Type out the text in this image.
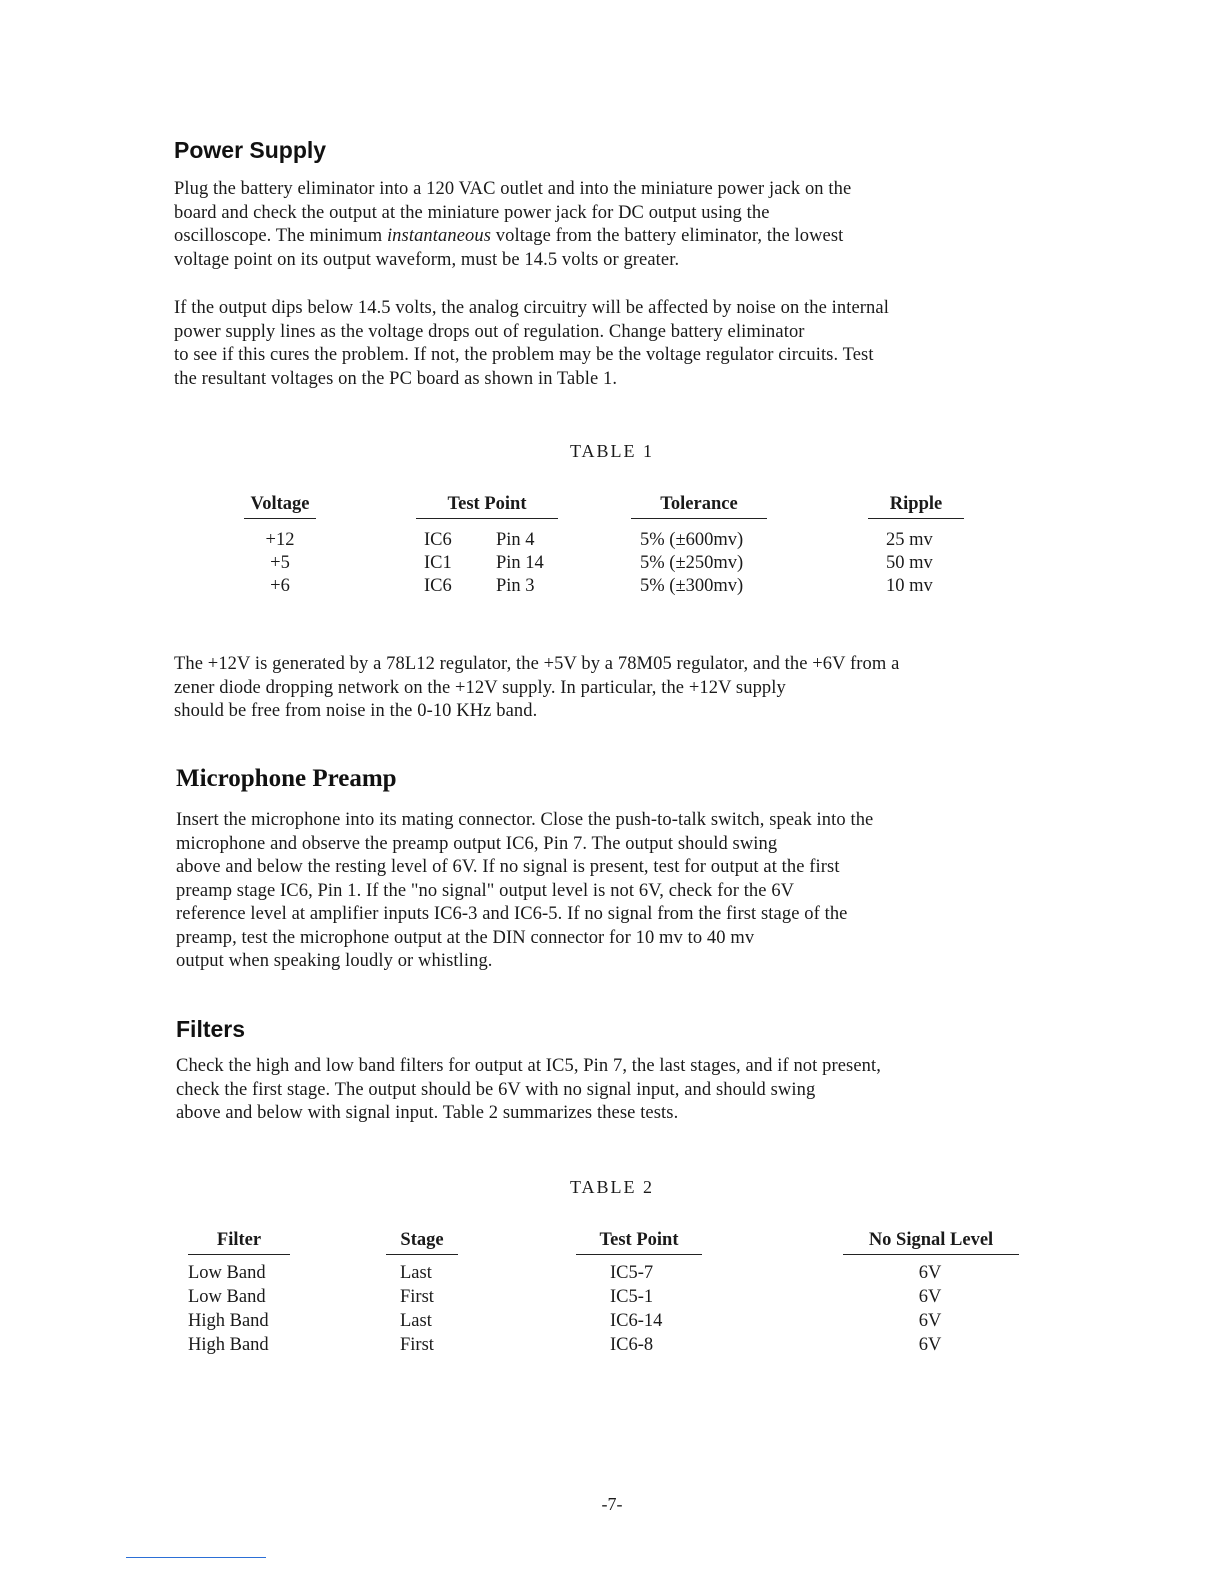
Power Supply
Plug the battery eliminator into a 120 VAC outlet and into the miniature power jack on the
board and check the output at the miniature power jack for DC output using the
oscilloscope. The minimum instantaneous voltage from the battery eliminator, the lowest
voltage point on its output waveform, must be 14.5 volts or greater.
If the output dips below 14.5 volts, the analog circuitry will be affected by noise on the internal
power supply lines as the voltage drops out of regulation. Change battery eliminator
to see if this cures the problem. If not, the problem may be the voltage regulator circuits. Test
the resultant voltages on the PC board as shown in Table 1.

TABLE 1

Voltage	Test Point	Tolerance	Ripple
+12	IC6 Pin 4	5% (±600mv)	25 mv
+5	IC1 Pin 14	5% (±250mv)	50 mv
+6	IC6 Pin 3	5% (±300mv)	10 mv
The +12V is generated by a 78L12 regulator, the +5V by a 78M05 regulator, and the +6V from a
zener diode dropping network on the +12V supply. In particular, the +12V supply
should be free from noise in the 0-10 KHz band.
Microphone Preamp
Insert the microphone into its mating connector. Close the push-to-talk switch, speak into the
microphone and observe the preamp output IC6, Pin 7. The output should swing
above and below the resting level of 6V. If no signal is present, test for output at the first
preamp stage IC6, Pin 1. If the "no signal" output level is not 6V, check for the 6V
reference level at amplifier inputs IC6-3 and IC6-5. If no signal from the first stage of the
preamp, test the microphone output at the DIN connector for 10 mv to 40 mv
output when speaking loudly or whistling.
Filters
Check the high and low band filters for output at IC5, Pin 7, the last stages, and if not present,
check the first stage. The output should be 6V with no signal input, and should swing
above and below with signal input. Table 2 summarizes these tests.

TABLE 2

Filter	Stage	Test Point	No Signal Level
Low Band	Last	IC5-7	6V
Low Band	First	IC5-1	6V
High Band	Last	IC6-14	6V
High Band	First	IC6-8	6V
-7-
